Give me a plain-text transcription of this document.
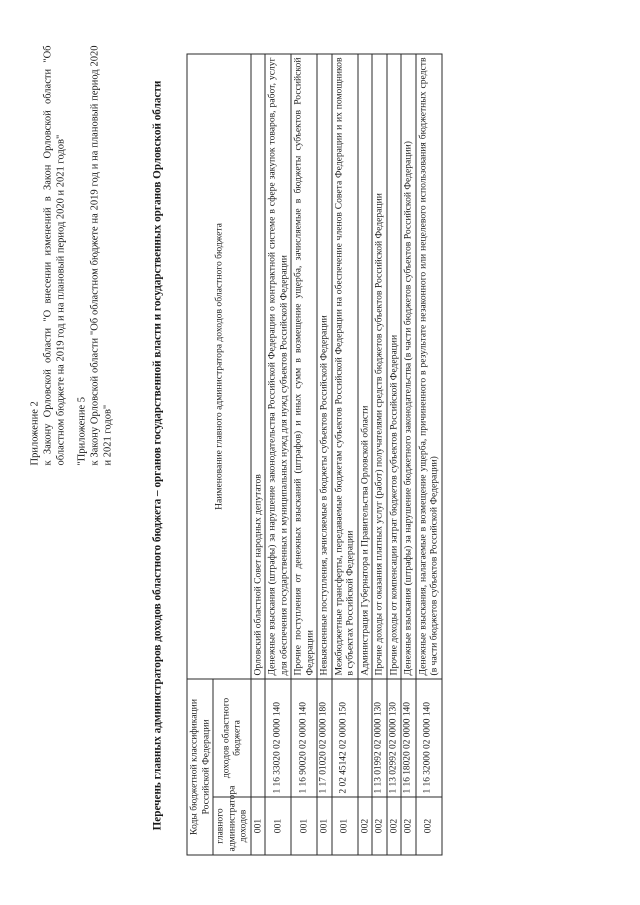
Приложение 2 к Закону Орловской области "О внесении изменений в Закон Орловской области "Об областном бюджете на 2019 год и на плановый период 2020 и 2021 годов" "Приложение 5 к Закону Орловской области "Об областном бюджете на 2019 год и на плановый период 2020 и 2021 годов"	Перечень главных администраторов доходов областного бюджета – органов государственной власти и государственных органов Орловской области	Коды бюджетной классификации Российской Федерации		Наименование главного администратора доходов областного бюджета
главного администратора доходов	доходов областного бюджета	
001		Орловский областной Совет народных депутатов
001	1 16 33020 02 0000 140	Денежные взыскания (штрафы) за нарушение законодательства Российской Федерации о контрактной системе в сфере закупок товаров, работ, услуг для обеспечения государственных и муниципальных нужд для нужд субъектов Российской Федерации
001	1 16 90020 02 0000 140	Прочие поступления от денежных взысканий (штрафов) и иных сумм в возмещение ущерба, зачисляемые в бюджеты субъектов Российской Федерации
001	1 17 01020 02 0000 180	Невыясненные поступления, зачисляемые в бюджеты субъектов Российской Федерации
001	2 02 45142 02 0000 150	Межбюджетные трансферты, передаваемые бюджетам субъектов Российской Федерации на обеспечение членов Совета Федерации и их помощников в субъектах Российской Федерации
002		Администрация Губернатора и Правительства Орловской области
002	1 13 01992 02 0000 130	Прочие доходы от оказания платных услуг (работ) получателями средств бюджетов субъектов Российской Федерации
002	1 13 02992 02 0000 130	Прочие доходы от компенсации затрат бюджетов субъектов Российской Федерации
002	1 16 18020 02 0000 140	Денежные взыскания (штрафы) за нарушение бюджетного законодательства (в части бюджетов субъектов Российской Федерации)
002	1 16 32000 02 0000 140	Денежные взыскания, налагаемые в возмещение ущерба, причиненного в результате незаконного или нецелевого использования бюджетных средств (в части бюджетов субъектов Российской Федерации)
